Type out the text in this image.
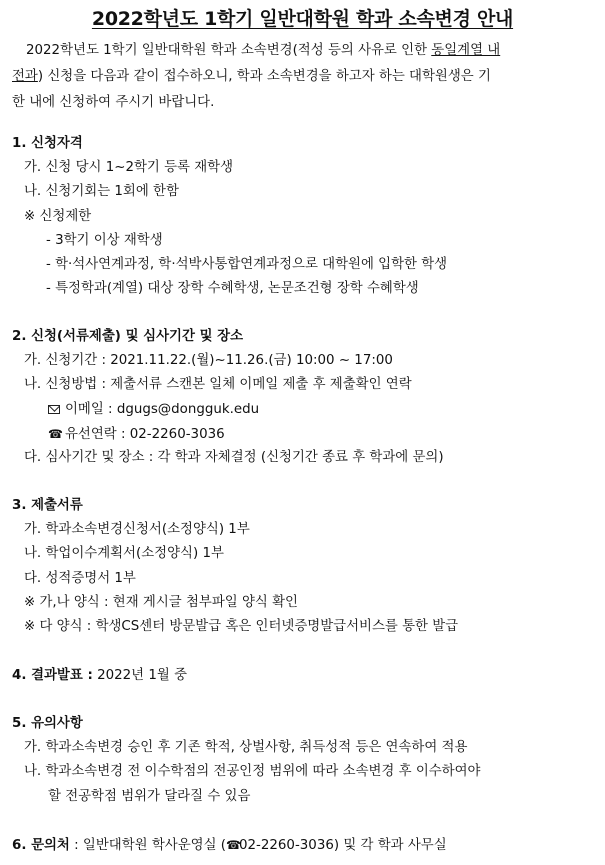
2022학년도 1학기 일반대학원 학과 소속변경 안내
2022학년도 1학기 일반대학원 학과 소속변경(적성 등의 사유로 인한 동일계열 내
전과) 신청을 다음과 같이 접수하오니, 학과 소속변경을 하고자 하는 대학원생은 기
한 내에 신청하여 주시기 바랍니다.
1. 신청자격
가. 신청 당시 1~2학기 등록 재학생
나. 신청기회는 1회에 한함
※ 신청제한
- 3학기 이상 재학생
- 학·석사연계과정, 학·석박사통합연계과정으로 대학원에 입학한 학생
- 특정학과(계열) 대상 장학 수혜학생, 논문조건형 장학 수혜학생
2. 신청(서류제출) 및 심사기간 및 장소
가. 신청기간 : 2021.11.22.(월)~11.26.(금) 10:00 ~ 17:00
나. 신청방법 : 제출서류 스캔본 일체 이메일 제출 후 제출확인 연락
이메일 : dgugs@dongguk.edu
☎ 유선연락 : 02-2260-3036
다. 심사기간 및 장소 : 각 학과 자체결정 (신청기간 종료 후 학과에 문의)
3. 제출서류
가. 학과소속변경신청서(소정양식) 1부
나. 학업이수계획서(소정양식) 1부
다. 성적증명서 1부
※ 가,나 양식 : 현재 게시글 첨부파일 양식 확인
※ 다 양식 : 학생CS센터 방문발급 혹은 인터넷증명발급서비스를 통한 발급
4. 결과발표 : 2022년 1월 중
5. 유의사항
가. 학과소속변경 승인 후 기존 학적, 상벌사항, 취득성적 등은 연속하여 적용
나. 학과소속변경 전 이수학점의 전공인정 범위에 따라 소속변경 후 이수하여야
할 전공학점 범위가 달라질 수 있음
6. 문의처 : 일반대학원 학사운영실 (☎02-2260-3036) 및 각 학과 사무실
